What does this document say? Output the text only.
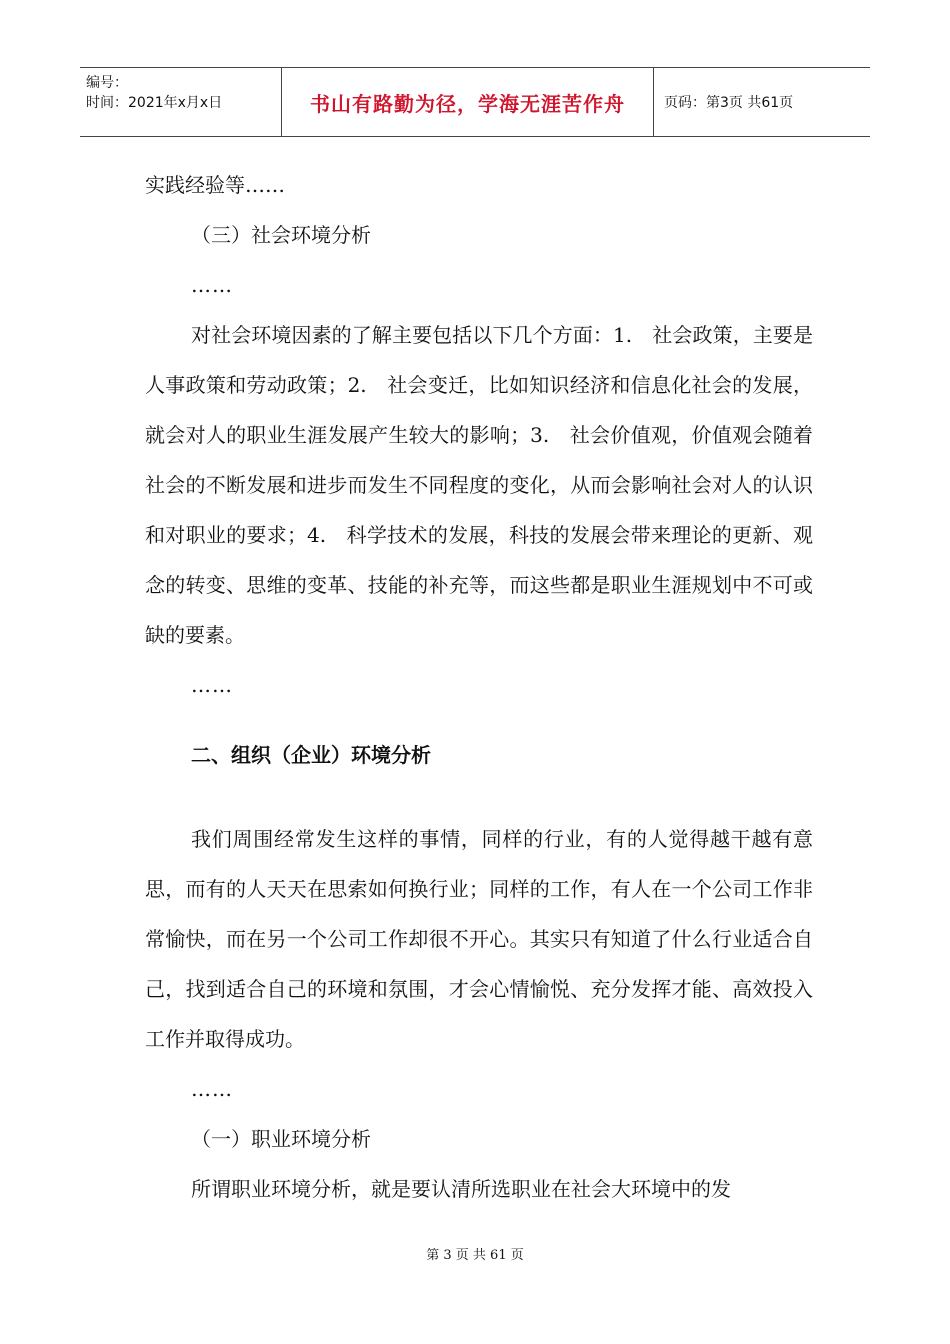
编号：
时间：2021年x月x日	书山有路勤为径，学海无涯苦作舟	页码：第3页 共61页

实践经验等……

（三）社会环境分析

……

对社会环境因素的了解主要包括以下几个方面：1.　社会政策，主要是人事政策和劳动政策；2.　社会变迁，比如知识经济和信息化社会的发展，就会对人的职业生涯发展产生较大的影响；3.　社会价值观，价值观会随着社会的不断发展和进步而发生不同程度的变化，从而会影响社会对人的认识和对职业的要求；4.　科学技术的发展，科技的发展会带来理论的更新、观念的转变、思维的变革、技能的补充等，而这些都是职业生涯规划中不可或缺的要素。

……
二、组织（企业）环境分析

我们周围经常发生这样的事情，同样的行业，有的人觉得越干越有意思，而有的人天天在思索如何换行业；同样的工作，有人在一个公司工作非常愉快，而在另一个公司工作却很不开心。其实只有知道了什么行业适合自己，找到适合自己的环境和氛围，才会心情愉悦、充分发挥才能、高效投入工作并取得成功。

……

（一）职业环境分析

所谓职业环境分析，就是要认清所选职业在社会大环境中的发

第 3 页 共 61 页
